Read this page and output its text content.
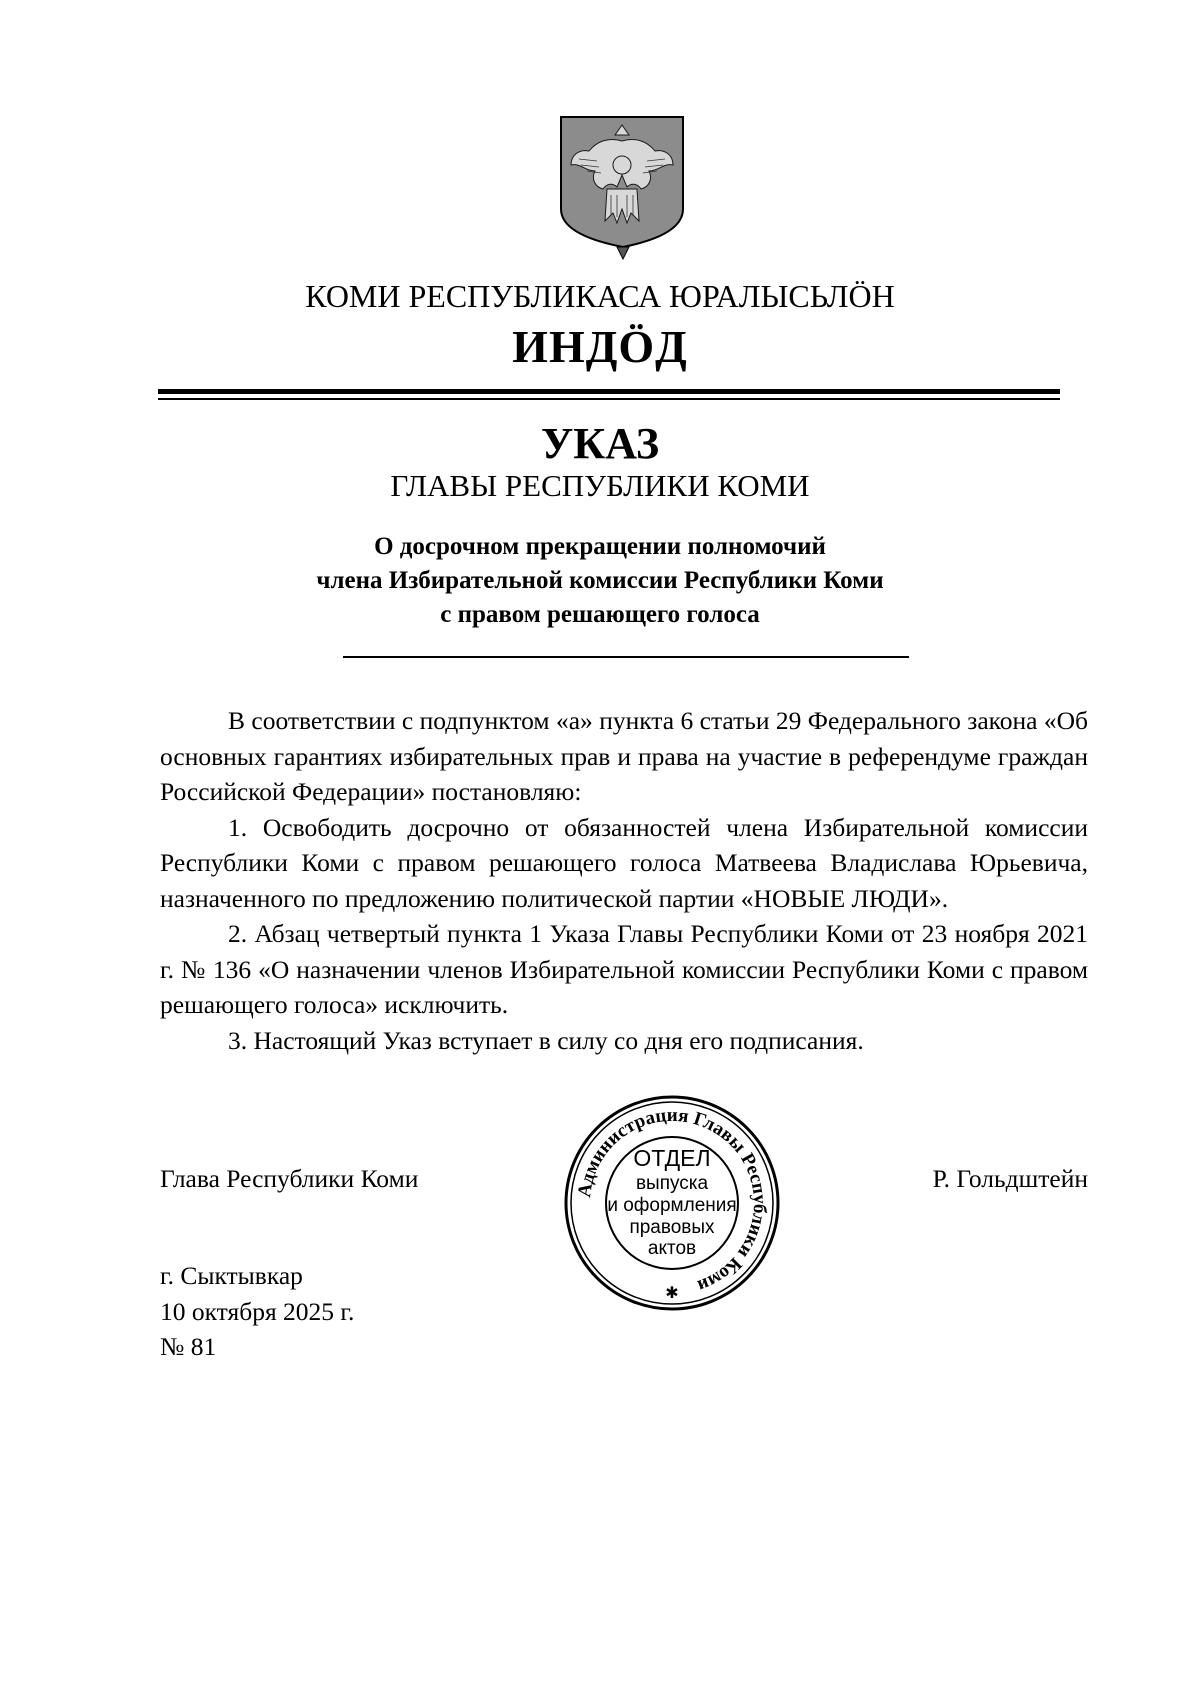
КОМИ РЕСПУБЛИКАСА ЮРАЛЫСЬЛÖН
ИНДÖД
УКАЗ
ГЛАВЫ РЕСПУБЛИКИ КОМИ
О досрочном прекращении полномочий
члена Избирательной комиссии Республики Коми
с правом решающего голоса

В соответствии с подпунктом «а» пункта 6 статьи 29 Федерального закона «Об основных гарантиях избирательных прав и права на участие в референдуме граждан Российской Федерации» постановляю:

1. Освободить досрочно от обязанностей члена Избирательной комиссии Республики Коми с правом решающего голоса Матвеева Владислава Юрьевича, назначенного по предложению политической партии «НОВЫЕ ЛЮДИ».

2. Абзац четвертый пункта 1 Указа Главы Республики Коми от 23 ноября 2021 г. № 136 «О назначении членов Избирательной комиссии Республики Коми с правом решающего голоса» исключить.

3. Настоящий Указ вступает в силу со дня его подписания.

Глава Республики Коми	Р. Гольдштейн
Администрация Главы Республики Коми
ОТДЕЛ
выпуска
и оформления
правовых
актов
✱
г. Сыктывкар
10 октября 2025 г.
№ 81
